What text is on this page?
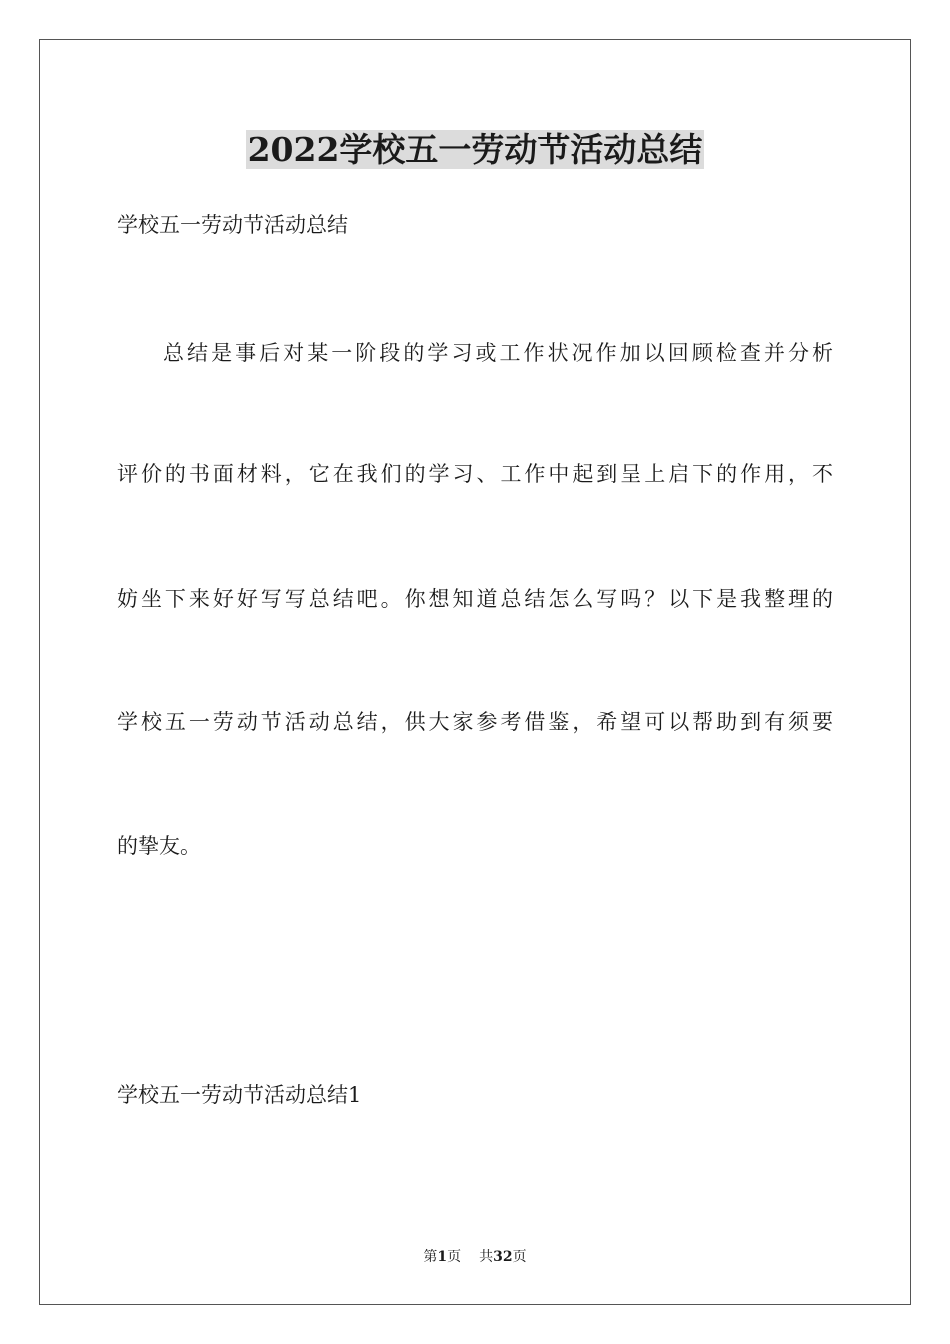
2022学校五一劳动节活动总结
学校五一劳动节活动总结
总结是事后对某一阶段的学习或工作状况作加以回顾检查并分析
评价的书面材料，它在我们的学习、工作中起到呈上启下的作用，不
妨坐下来好好写写总结吧。你想知道总结怎么写吗？以下是我整理的
学校五一劳动节活动总结，供大家参考借鉴，希望可以帮助到有须要
的挚友。
学校五一劳动节活动总结1
第1页 共32页
